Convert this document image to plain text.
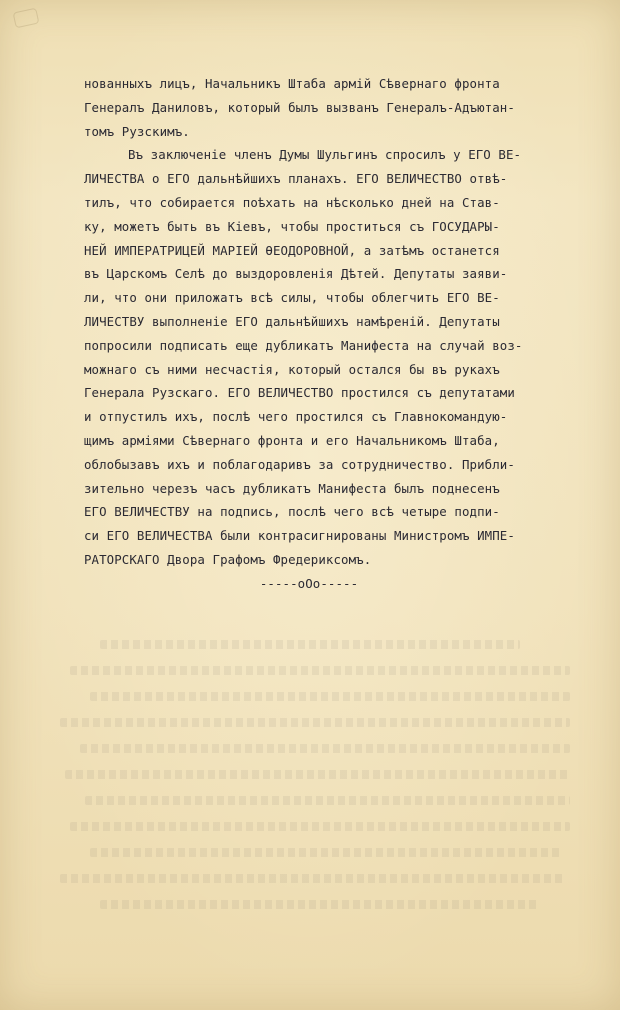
нованныхъ лицъ, Начальникъ Штаба армій Сѣвернаго фронта
Генералъ Даниловъ, который былъ вызванъ Генералъ-Адъютан-
томъ Рузскимъ.
Въ заключеніе членъ Думы Шульгинъ спросилъ у ЕГО ВЕ-
ЛИЧЕСТВА о ЕГО дальнѣйшихъ планахъ. ЕГО ВЕЛИЧЕСТВО отвѣ-
тилъ, что собирается поѣхать на нѣсколько дней на Став-
ку, можетъ быть въ Кіевъ, чтобы проститься съ ГОСУДАРЫ-
НЕЙ ИМПЕРАТРИЦЕЙ МАРІЕЙ ѲЕОДОРОВНОЙ, а затѣмъ останется
въ Царскомъ Селѣ до выздоровленія Дѣтей. Депутаты заяви-
ли, что они приложатъ всѣ силы, чтобы облегчить ЕГО ВЕ-
ЛИЧЕСТВУ выполненіе ЕГО дальнѣйшихъ намѣреній. Депутаты
попросили подписать еще дубликатъ Манифеста на случай воз-
можнаго съ ними несчастія, который остался бы въ рукахъ
Генерала Рузскаго. ЕГО ВЕЛИЧЕСТВО простился съ депутатами
и отпустилъ ихъ, послѣ чего простился съ Главнокомандую-
щимъ арміями Сѣвернаго фронта и его Начальникомъ Штаба,
облобызавъ ихъ и поблагодаривъ за сотрудничество. Прибли-
зительно черезъ часъ дубликатъ Манифеста былъ поднесенъ
ЕГО ВЕЛИЧЕСТВУ на подпись, послѣ чего всѣ четыре подпи-
си ЕГО ВЕЛИЧЕСТВА были контрасигнированы Министромъ ИМПЕ-
РАТОРСКАГО Двора Графомъ Фредериксомъ.
-----oOo-----
